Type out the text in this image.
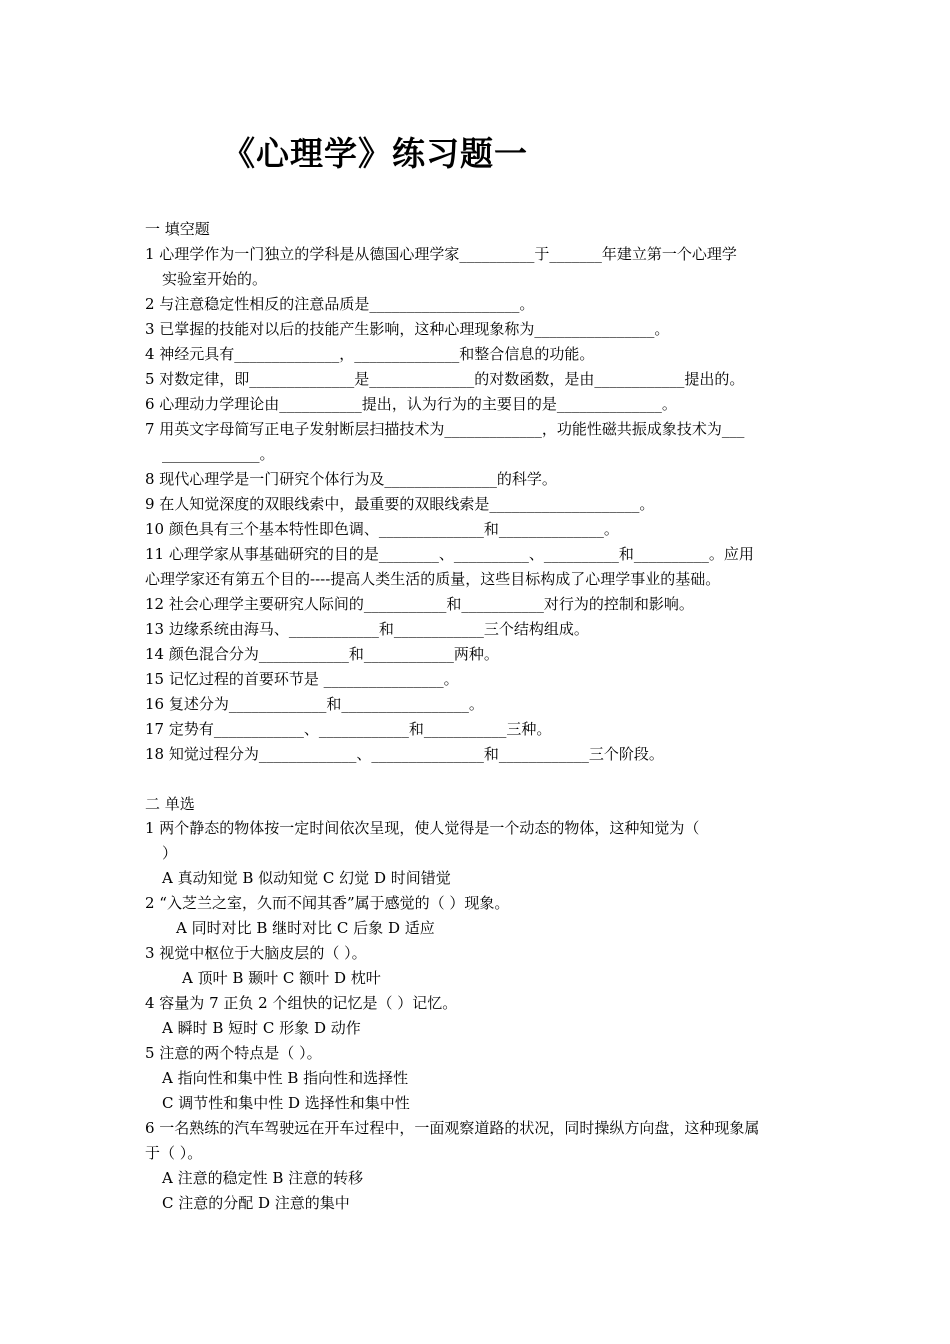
《心理学》练习题一
一 填空题
1 心理学作为一门独立的学科是从德国心理学家__________于_______年建立第一个心理学
实验室开始的。
2 与注意稳定性相反的注意品质是____________________。
3 已掌握的技能对以后的技能产生影响，这种心理现象称为________________。
4 神经元具有______________，______________和整合信息的功能。
5 对数定律，即______________是______________的对数函数，是由____________提出的。
6 心理动力学理论由___________提出，认为行为的主要目的是______________。
7 用英文字母简写正电子发射断层扫描技术为_____________，功能性磁共振成象技术为___
_____________。
8 现代心理学是一门研究个体行为及_______________的科学。
9 在人知觉深度的双眼线索中，最重要的双眼线索是____________________。
10 颜色具有三个基本特性即色调、______________和______________。
11 心理学家从事基础研究的目的是________、__________、__________和__________。应用
心理学家还有第五个目的----提高人类生活的质量，这些目标构成了心理学事业的基础。
12 社会心理学主要研究人际间的___________和___________对行为的控制和影响。
13 边缘系统由海马、____________和____________三个结构组成。
14 颜色混合分为____________和____________两种。
15 记忆过程的首要环节是 ________________。
16 复述分为_____________和_________________。
17 定势有____________、____________和___________三种。
18 知觉过程分为_____________、_______________和____________三个阶段。
二 单选
1 两个静态的物体按一定时间依次呈现，使人觉得是一个动态的物体，这种知觉为（
）
A 真动知觉 B 似动知觉 C 幻觉 D 时间错觉
2 “入芝兰之室，久而不闻其香”属于感觉的（ ）现象。
A 同时对比 B 继时对比 C 后象 D 适应
3 视觉中枢位于大脑皮层的（ ）。
A 顶叶 B 颞叶 C 额叶 D 枕叶
4 容量为 7 正负 2 个组快的记忆是（ ）记忆。
A 瞬时 B 短时 C 形象 D 动作
5 注意的两个特点是（ ）。
A 指向性和集中性 B 指向性和选择性
C 调节性和集中性 D 选择性和集中性
6 一名熟练的汽车驾驶远在开车过程中，一面观察道路的状况，同时操纵方向盘，这种现象属
于（ ）。
A 注意的稳定性 B 注意的转移
C 注意的分配 D 注意的集中
